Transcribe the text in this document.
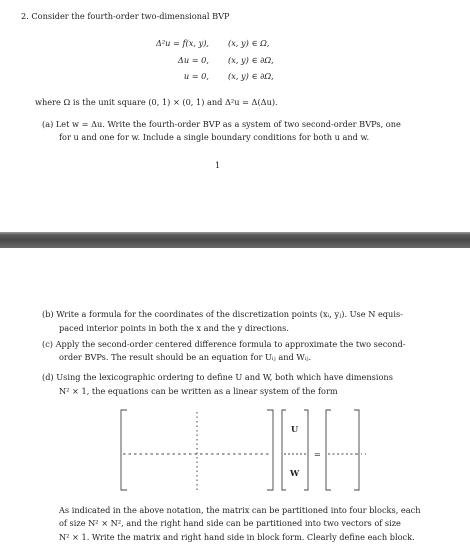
2. Consider the fourth-order two-dimensional BVP
Δ²u = f(x, y), (x, y) ∈ Ω,
Δu = 0, (x, y) ∈ ∂Ω,
u = 0, (x, y) ∈ ∂Ω,
where Ω is the unit square (0, 1) × (0, 1) and Δ²u = Δ(Δu).
(a) Let w = Δu. Write the fourth-order BVP as a system of two second-order BVPs, one
for u and one for w. Include a single boundary conditions for both u and w.
1
(b) Write a formula for the coordinates of the discretization points (xᵢ, yⱼ). Use N equis-
paced interior points in both the x and the y directions.
(c) Apply the second-order centered difference formula to approximate the two second-
order BVPs. The result should be an equation for Uᵢⱼ and Wᵢⱼ.
(d) Using the lexicographic ordering to define U and W, both which have dimensions
N² × 1, the equations can be written as a linear system of the form
U
W
=
As indicated in the above notation, the matrix can be partitioned into four blocks, each
of size N² × N², and the right hand side can be partitioned into two vectors of size
N² × 1. Write the matrix and right hand side in block form. Clearly define each block.
